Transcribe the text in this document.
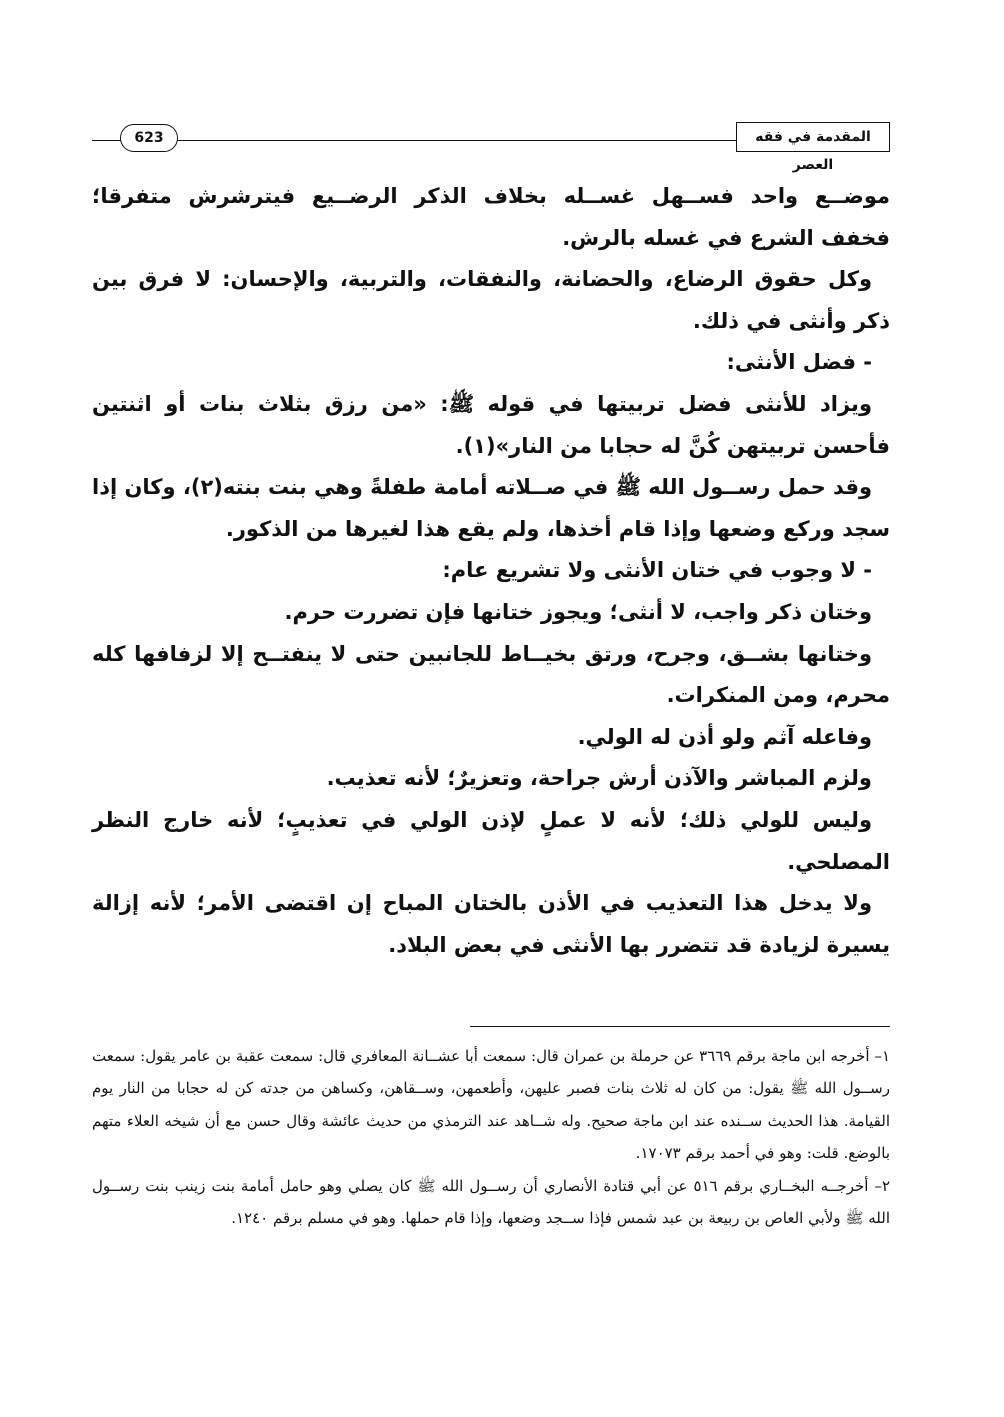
623	المقدمة في فقه العصر

موضــع واحد فســهل غســله بخلاف الذكر الرضــيع فيترشرش متفرقا؛ فخفف الشرع في غسله بالرش.

وكل حقوق الرضاع، والحضانة، والنفقات، والتربية، والإحسان: لا فرق بين ذكر وأنثى في ذلك.

- فضل الأنثى:

ويزاد للأنثى فضل تربيتها في قوله ﷺ: «من رزق بثلاث بنات أو اثنتين فأحسن تربيتهن كُنَّ له حجابا من النار»(١).

وقد حمل رســول الله ﷺ في صــلاته أمامة طفلةً وهي بنت بنته(٢)، وكان إذا سجد وركع وضعها وإذا قام أخذها، ولم يقع هذا لغيرها من الذكور.

- لا وجوب في ختان الأنثى ولا تشريع عام:

وختان ذكر واجب، لا أنثى؛ ويجوز ختانها فإن تضررت حرم.

وختانها بشــق، وجرح، ورتق بخيــاط للجانبين حتى لا ينفتــح إلا لزفافها كله محرم، ومن المنكرات.

وفاعله آثم ولو أذن له الولي.

ولزم المباشر والآذن أرش جراحة، وتعزيرٌ؛ لأنه تعذيب.

وليس للولي ذلك؛ لأنه لا عملٍ لإذن الولي في تعذيبٍ؛ لأنه خارج النظر المصلحي.

ولا يدخل هذا التعذيب في الأذن بالختان المباح إن اقتضى الأمر؛ لأنه إزالة يسيرة لزيادة قد تتضرر بها الأنثى في بعض البلاد.

١– أخرجه ابن ماجة برقم ٣٦٦٩ عن حرملة بن عمران قال: سمعت أبا عشــانة المعافري قال: سمعت عقبة بن عامر يقول: سمعت رســول الله ﷺ يقول: من كان له ثلاث بنات فصبر عليهن، وأطعمهن، وســقاهن، وكساهن من جدته كن له حجابا من النار يوم القيامة. هذا الحديث ســنده عند ابن ماجة صحيح. وله شــاهد عند الترمذي من حديث عائشة وقال حسن مع أن شيخه العلاء متهم بالوضع. قلت: وهو في أحمد برقم ١٧٠٧٣.

٢– أخرجــه البخــاري برقم ٥١٦ عن أبي قتادة الأنصاري أن رســول الله ﷺ كان يصلي وهو حامل أمامة بنت زينب بنت رســول الله ﷺ ولأبي العاص بن ربيعة بن عبد شمس فإذا ســجد وضعها، وإذا قام حملها. وهو في مسلم برقم ١٢٤٠.
